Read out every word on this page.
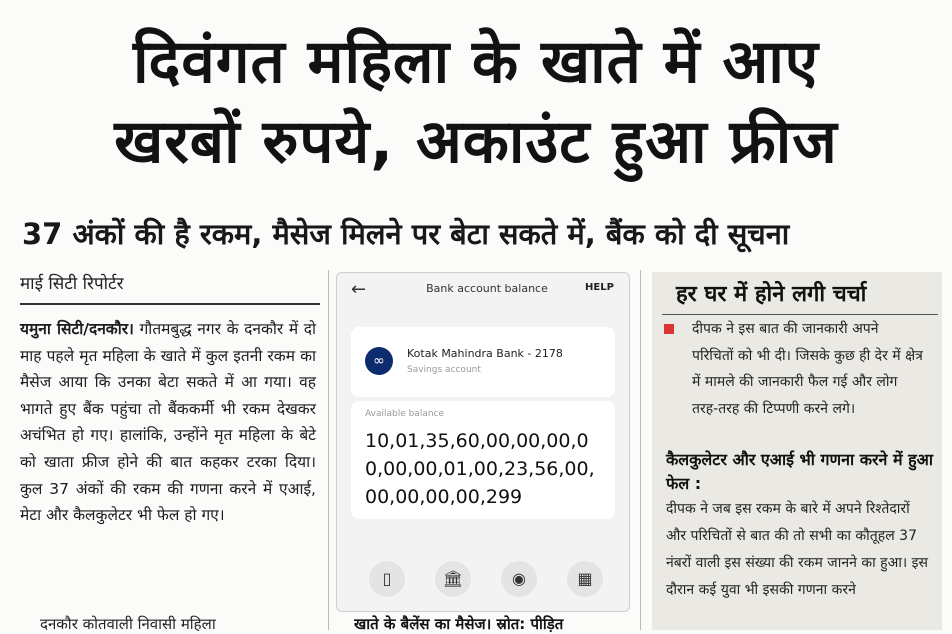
दिवंगत महिला के खाते में आए
खरबों रुपये, अकाउंट हुआ फ्रीज
37 अंकों की है रकम, मैसेज मिलने पर बेटा सकते में, बैंक को दी सूचना
माई सिटी रिपोर्टर
यमुना सिटी/दनकौर। गौतमबुद्ध नगर के दनकौर में दो माह पहले मृत महिला के खाते में कुल इतनी रकम का मैसेज आया कि उनका बेटा सकते में आ गया। वह भागते हुए बैंक पहुंचा तो बैंककर्मी भी रकम देखकर अचंभित हो गए। हालांकि, उन्होंने मृत महिला के बेटे को खाता फ्रीज होने की बात कहकर टरका दिया। कुल 37 अंकों की रकम की गणना करने में एआई, मेटा और कैलकुलेटर भी फेल हो गए।
दनकौर कोतवाली निवासी महिला
←	Bank account balance	HELP
∞	Kotak Mahindra Bank - 2178
Savings account
Available balance
10,01,35,60,00,00,00,00,00,00,01,00,23,56,00,00,00,00,00,299
▯	🏛	◉	▦
खाते के बैलेंस का मैसेज। स्रोत: पीड़ित
हर घर में होने लगी चर्चा
दीपक ने इस बात की जानकारी अपने परिचितों को भी दी। जिसके कुछ ही देर में क्षेत्र में मामले की जानकारी फैल गई और लोग तरह-तरह की टिप्पणी करने लगे।
कैलकुलेटर और एआई भी गणना करने में हुआ फेल :
दीपक ने जब इस रकम के बारे में अपने रिश्तेदारों और परिचितों से बात की तो सभी का कौतूहल 37 नंबरों वाली इस संख्या की रकम जानने का हुआ। इस दौरान कई युवा भी इसकी गणना करने
